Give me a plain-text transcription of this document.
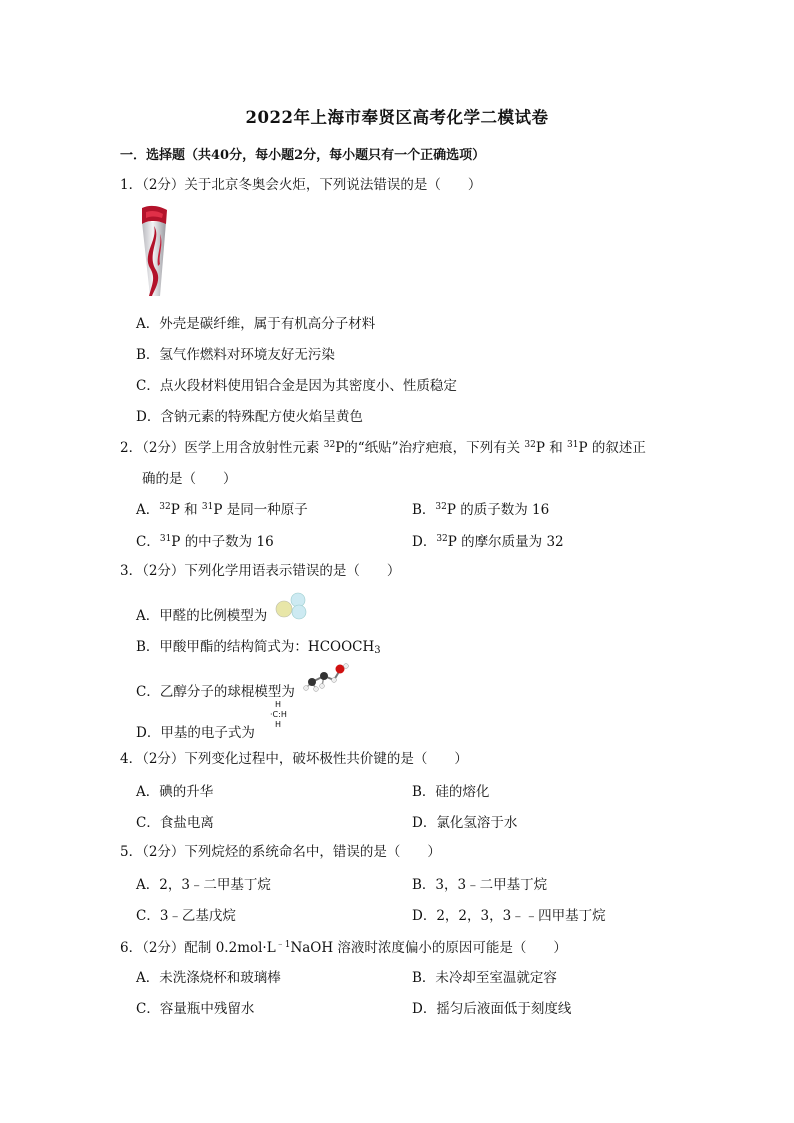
2022年上海市奉贤区高考化学二模试卷
一．选择题（共40分，每小题2分，每小题只有一个正确选项）
1．（2分）关于北京冬奥会火炬，下列说法错误的是（　　）
A．外壳是碳纤维，属于有机高分子材料
B．氢气作燃料对环境友好无污染
C．点火段材料使用铝合金是因为其密度小、性质稳定
D．含钠元素的特殊配方使火焰呈黄色
2．（2分）医学上用含放射性元素 $^{32}$P的“纸贴”治疗疤痕，下列有关 $^{32}$P 和 $^{31}$P 的叙述正
确的是（　　）
A．$^{32}$P 和 $^{31}$P 是同一种原子	B．$^{32}$P 的质子数为 16
C．$^{31}$P 的中子数为 16	D．$^{32}$P 的摩尔质量为 32
3．（2分）下列化学用语表示错误的是（　　）
A．甲醛的比例模型为
B．甲酸甲酯的结构简式为：$HCOOCH_3$
C．乙醇分子的球棍模型为
D．甲基的电子式为
H
·C:H
H
4．（2分）下列变化过程中，破坏极性共价键的是（　　）
A．碘的升华	B．硅的熔化
C．食盐电离	D．氯化氢溶于水
5．（2分）下列烷烃的系统命名中，错误的是（　　）
A．2，3﹣二甲基丁烷	B．3，3﹣二甲基丁烷
C．3﹣乙基戊烷	D．2，2，3，3﹣﹣四甲基丁烷
6．（2分）配制 $0.2mol\cdot L^{﹣1}NaOH$ 溶液时浓度偏小的原因可能是（　　）
A．未洗涤烧杯和玻璃棒	B．未冷却至室温就定容
C．容量瓶中残留水	D．摇匀后液面低于刻度线
